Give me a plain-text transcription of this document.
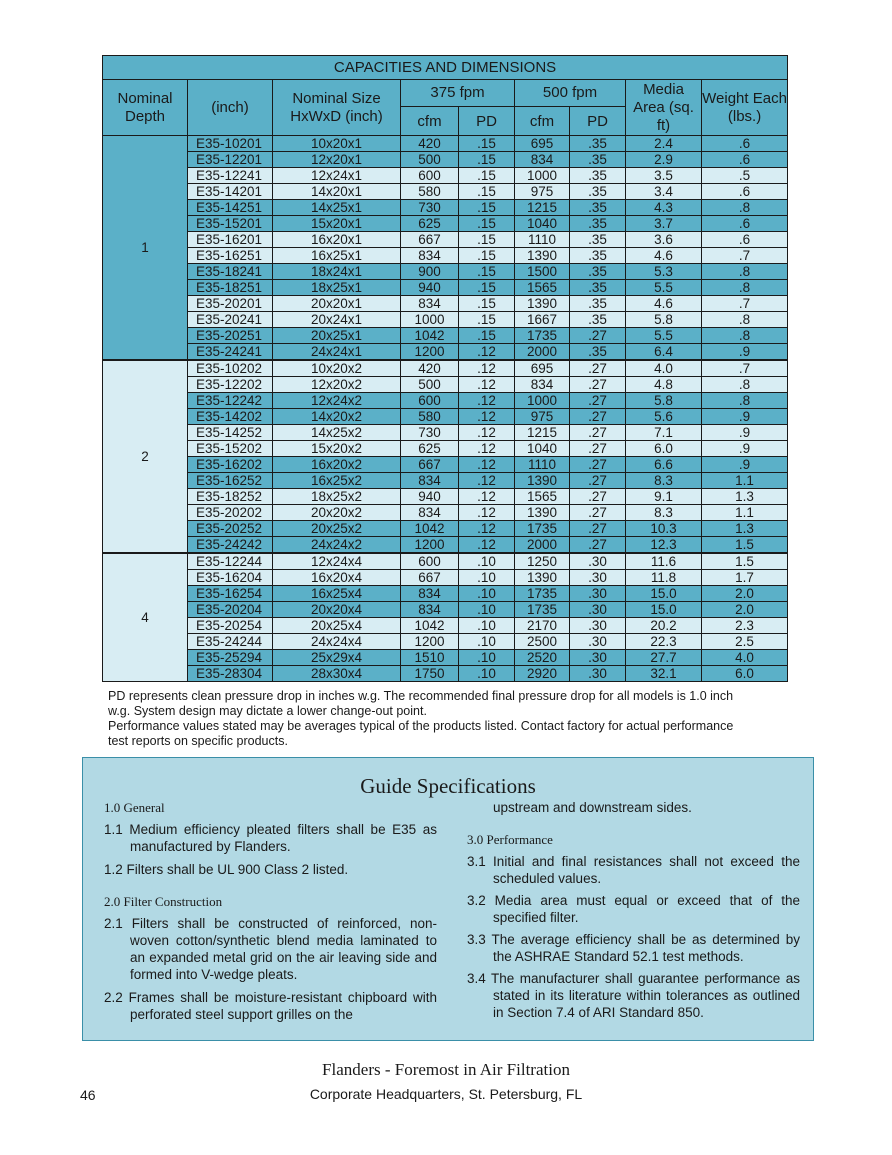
CAPACITIES AND DIMENSIONS								
Nominal Depth	(inch)	Nominal Size HxWxD (inch)	375 fpm		500 fpm		Media Area (sq. ft)	Weight Each (lbs.)
			cfm	PD	cfm	PD		
1	E35-10201	10x20x1	420	.15	695	.35	2.4	.6
	E35-12201	12x20x1	500	.15	834	.35	2.9	.6
	E35-12241	12x24x1	600	.15	1000	.35	3.5	.5
	E35-14201	14x20x1	580	.15	975	.35	3.4	.6
	E35-14251	14x25x1	730	.15	1215	.35	4.3	.8
	E35-15201	15x20x1	625	.15	1040	.35	3.7	.6
	E35-16201	16x20x1	667	.15	1110	.35	3.6	.6
	E35-16251	16x25x1	834	.15	1390	.35	4.6	.7
	E35-18241	18x24x1	900	.15	1500	.35	5.3	.8
	E35-18251	18x25x1	940	.15	1565	.35	5.5	.8
	E35-20201	20x20x1	834	.15	1390	.35	4.6	.7
	E35-20241	20x24x1	1000	.15	1667	.35	5.8	.8
	E35-20251	20x25x1	1042	.15	1735	.27	5.5	.8
	E35-24241	24x24x1	1200	.12	2000	.35	6.4	.9
2	E35-10202	10x20x2	420	.12	695	.27	4.0	.7
	E35-12202	12x20x2	500	.12	834	.27	4.8	.8
	E35-12242	12x24x2	600	.12	1000	.27	5.8	.8
	E35-14202	14x20x2	580	.12	975	.27	5.6	.9
	E35-14252	14x25x2	730	.12	1215	.27	7.1	.9
	E35-15202	15x20x2	625	.12	1040	.27	6.0	.9
	E35-16202	16x20x2	667	.12	1110	.27	6.6	.9
	E35-16252	16x25x2	834	.12	1390	.27	8.3	1.1
	E35-18252	18x25x2	940	.12	1565	.27	9.1	1.3
	E35-20202	20x20x2	834	.12	1390	.27	8.3	1.1
	E35-20252	20x25x2	1042	.12	1735	.27	10.3	1.3
	E35-24242	24x24x2	1200	.12	2000	.27	12.3	1.5
4	E35-12244	12x24x4	600	.10	1250	.30	11.6	1.5
	E35-16204	16x20x4	667	.10	1390	.30	11.8	1.7
	E35-16254	16x25x4	834	.10	1735	.30	15.0	2.0
	E35-20204	20x20x4	834	.10	1735	.30	15.0	2.0
	E35-20254	20x25x4	1042	.10	2170	.30	20.2	2.3
	E35-24244	24x24x4	1200	.10	2500	.30	22.3	2.5
	E35-25294	25x29x4	1510	.10	2520	.30	27.7	4.0
	E35-28304	28x30x4	1750	.10	2920	.30	32.1	6.0

PD represents clean pressure drop in inches w.g. The recommended final pressure drop for all models is 1.0 inch

w.g. System design may dictate a lower change-out point.

Performance values stated may be averages typical of the products listed. Contact factory for actual performance

test reports on specific products.

Guide Specifications

1.0 General

1.1 Medium efficiency pleated filters shall be E35 as manufactured by Flanders.

1.2 Filters shall be UL 900 Class 2 listed.

2.0 Filter Construction

2.1 Filters shall be constructed of reinforced, non-woven cotton/synthetic blend media laminated to an expanded metal grid on the air leaving side and formed into V-wedge pleats.

2.2 Frames shall be moisture-resistant chipboard with perforated steel support grilles on the

upstream and downstream sides.

3.0 Performance

3.1 Initial and final resistances shall not exceed the scheduled values.

3.2 Media area must equal or exceed that of the specified filter.

3.3 The average efficiency shall be as determined by the ASHRAE Standard 52.1 test methods.

3.4 The manufacturer shall guarantee performance as stated in its literature within tolerances as outlined in Section 7.4 of ARI Standard 850.

Flanders - Foremost in Air Filtration
46	Corporate Headquarters, St. Petersburg, FL
